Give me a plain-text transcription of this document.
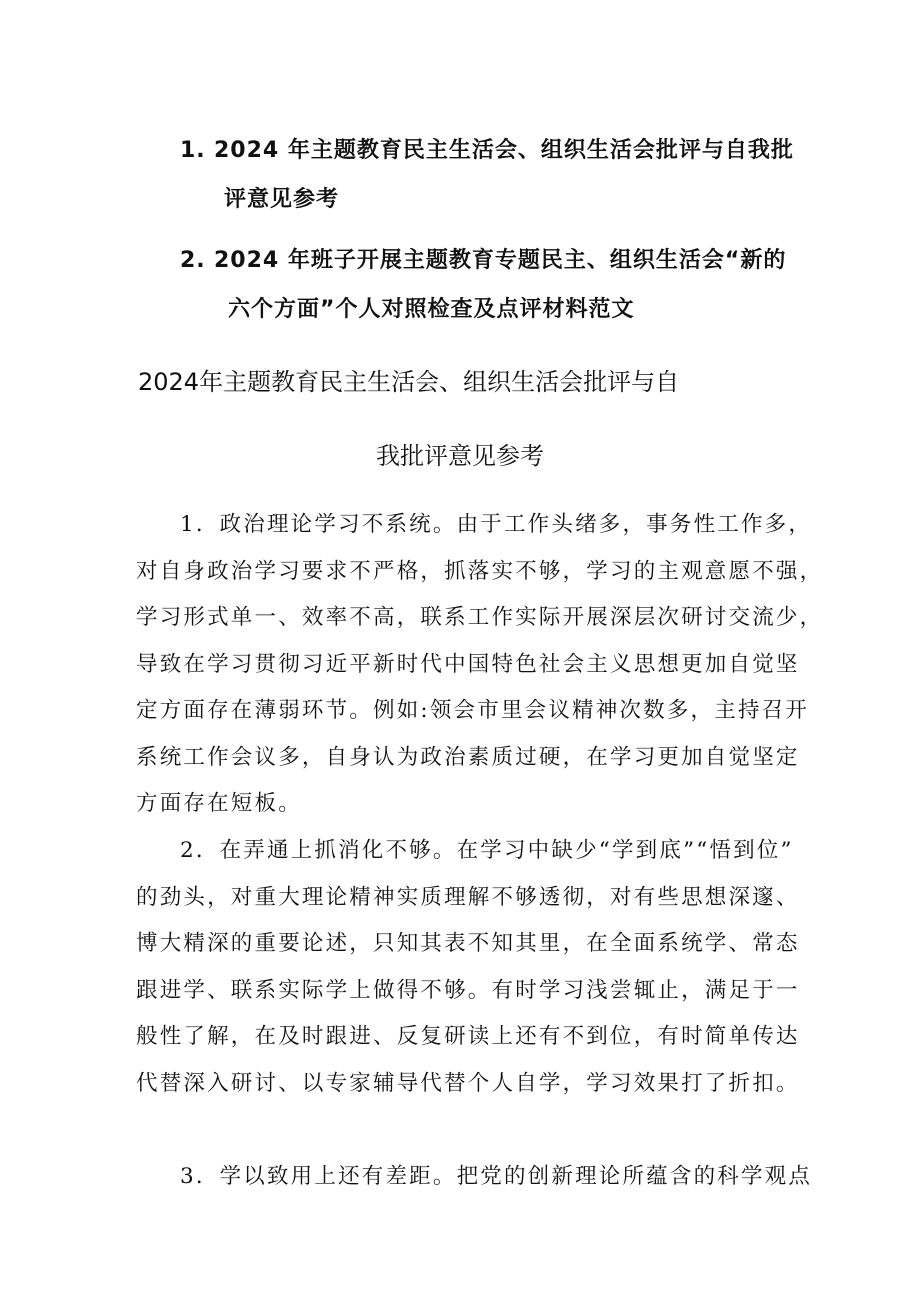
1. 2024 年主题教育民主生活会、组织生活会批评与自我批
评意见参考
2. 2024 年班子开展主题教育专题民主、组织生活会“新的
六个方面”个人对照检查及点评材料范文
2024年主题教育民主生活会、组织生活会批评与自
我批评意见参考

1．政治理论学习不系统。由于工作头绪多，事务性工作多，
对自身政治学习要求不严格，抓落实不够，学习的主观意愿不强，
学习形式单一、效率不高，联系工作实际开展深层次研讨交流少，
导致在学习贯彻习近平新时代中国特色社会主义思想更加自觉坚
定方面存在薄弱环节。例如:领会市里会议精神次数多，主持召开
系统工作会议多，自身认为政治素质过硬，在学习更加自觉坚定
方面存在短板。

2．在弄通上抓消化不够。在学习中缺少“学到底”“悟到位”
的劲头，对重大理论精神实质理解不够透彻，对有些思想深邃、
博大精深的重要论述，只知其表不知其里，在全面系统学、常态
跟进学、联系实际学上做得不够。有时学习浅尝辄止，满足于一
般性了解，在及时跟进、反复研读上还有不到位，有时简单传达
代替深入研讨、以专家辅导代替个人自学，学习效果打了折扣。

3．学以致用上还有差距。把党的创新理论所蕴含的科学观点
